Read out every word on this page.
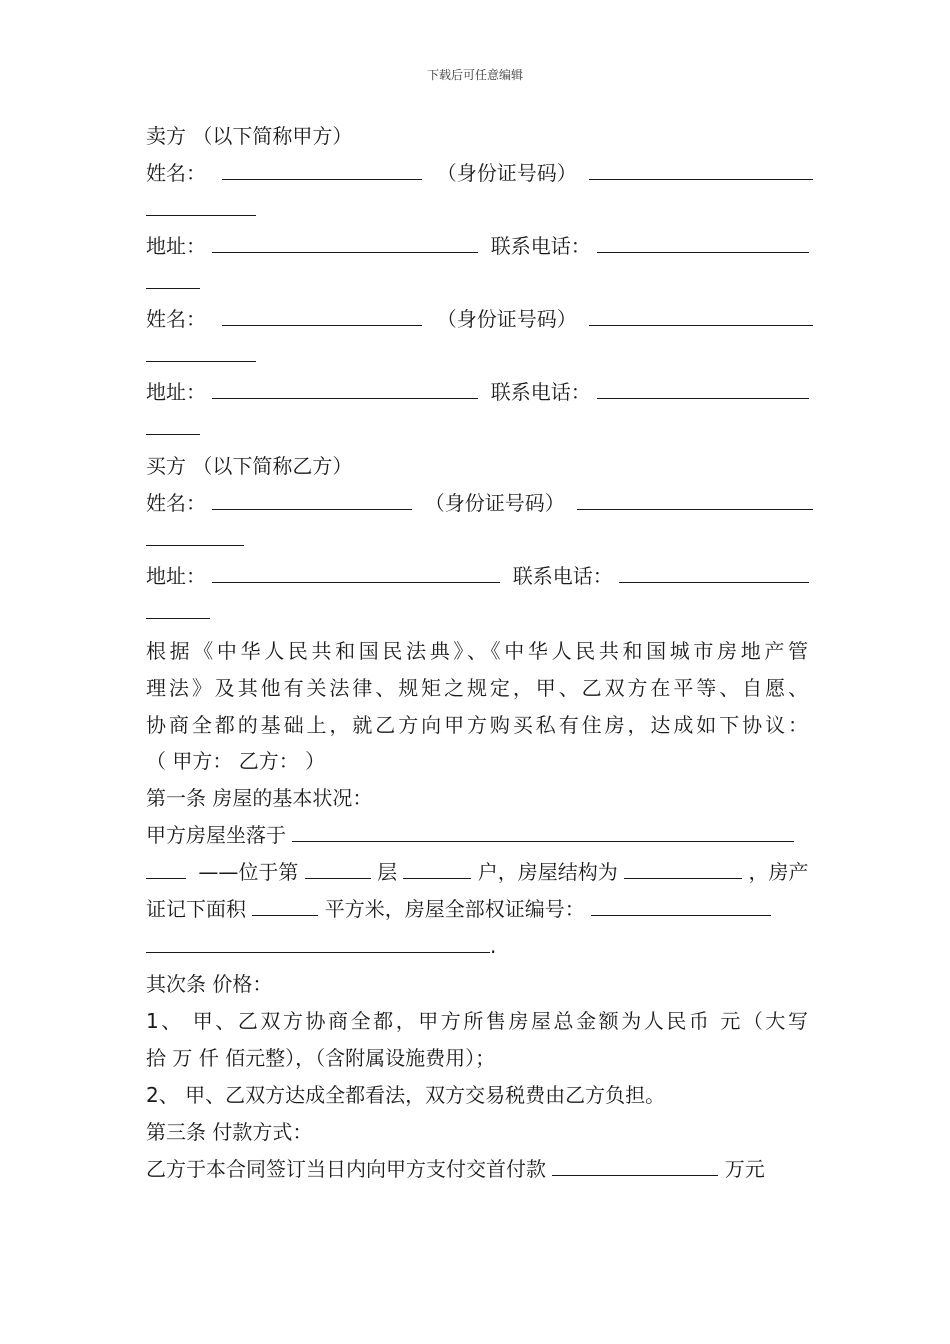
下载后可任意编辑
卖方 （以下简称甲方）
姓名：	（身份证号码）
地址：	联系电话：
姓名：	（身份证号码）
地址：	联系电话：
买方 （以下简称乙方）
姓名：	（身份证号码）
地址：	联系电话：
根据《中华人民共和国民法典》、《中华人民共和国城市房地产管
理法》及其他有关法律、规矩之规定，甲、乙双方在平等、自愿、
协商全都的基础上，就乙方向甲方购买私有住房，达成如下协议：
（ 甲方： 乙方： ）
第一条 房屋的基本状况：
甲方房屋坐落于
——位于第	层	户，房屋结构为	，房产
证记下面积	平方米，房屋全部权证编号：
.
其次条 价格：
1、 甲、乙双方协商全都，甲方所售房屋总金额为人民币 元（大写
拾 万 仟 佰元整），（含附属设施费用）；
2、 甲、乙双方达成全都看法，双方交易税费由乙方负担。
第三条 付款方式：
乙方于本合同签订当日内向甲方支付交首付款	万元
